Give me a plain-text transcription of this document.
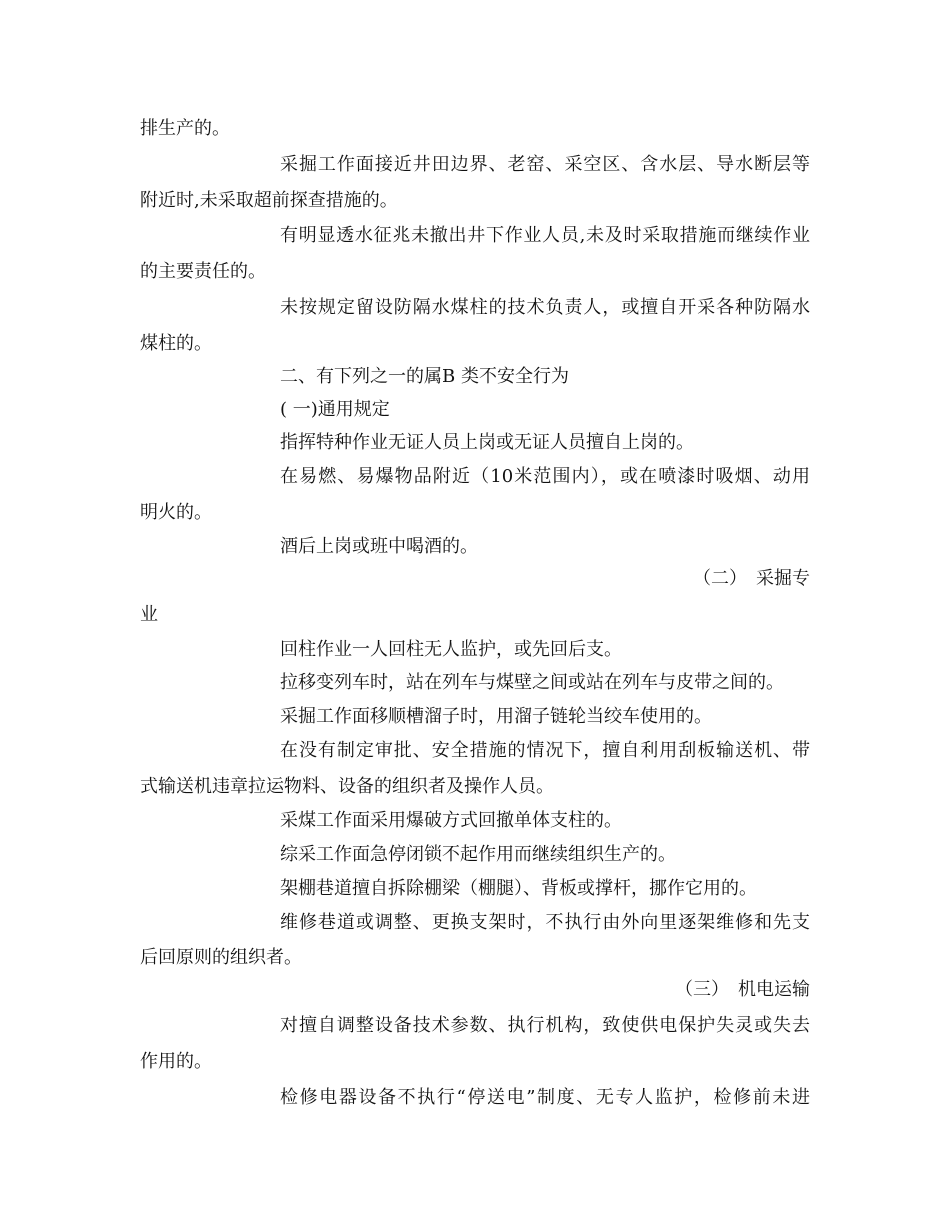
排生产的。
采掘工作面接近井田边界、老窑、采空区、含水层、导水断层等
附近时,未采取超前探查措施的。
有明显透水征兆未撤出井下作业人员,未及时采取措施而继续作业
的主要责任的。
未按规定留设防隔水煤柱的技术负责人，或擅自开采各种防隔水
煤柱的。
二、有下列之一的属B 类不安全行为
( 一)通用规定
指挥特种作业无证人员上岗或无证人员擅自上岗的。
在易燃、易爆物品附近（10米范围内），或在喷漆时吸烟、动用
明火的。
酒后上岗或班中喝酒的。
（二）　采掘专
业
回柱作业一人回柱无人监护，或先回后支。
拉移变列车时，站在列车与煤壁之间或站在列车与皮带之间的。
采掘工作面移顺槽溜子时，用溜子链轮当绞车使用的。
在没有制定审批、安全措施的情况下，擅自利用刮板输送机、带
式输送机违章拉运物料、设备的组织者及操作人员。
采煤工作面采用爆破方式回撤单体支柱的。
综采工作面急停闭锁不起作用而继续组织生产的。
架棚巷道擅自拆除棚梁（棚腿）、背板或撑杆，挪作它用的。
维修巷道或调整、更换支架时，不执行由外向里逐架维修和先支
后回原则的组织者。
（三）　机电运输
对擅自调整设备技术参数、执行机构，致使供电保护失灵或失去
作用的。
检修电器设备不执行“停送电”制度、无专人监护，检修前未进
